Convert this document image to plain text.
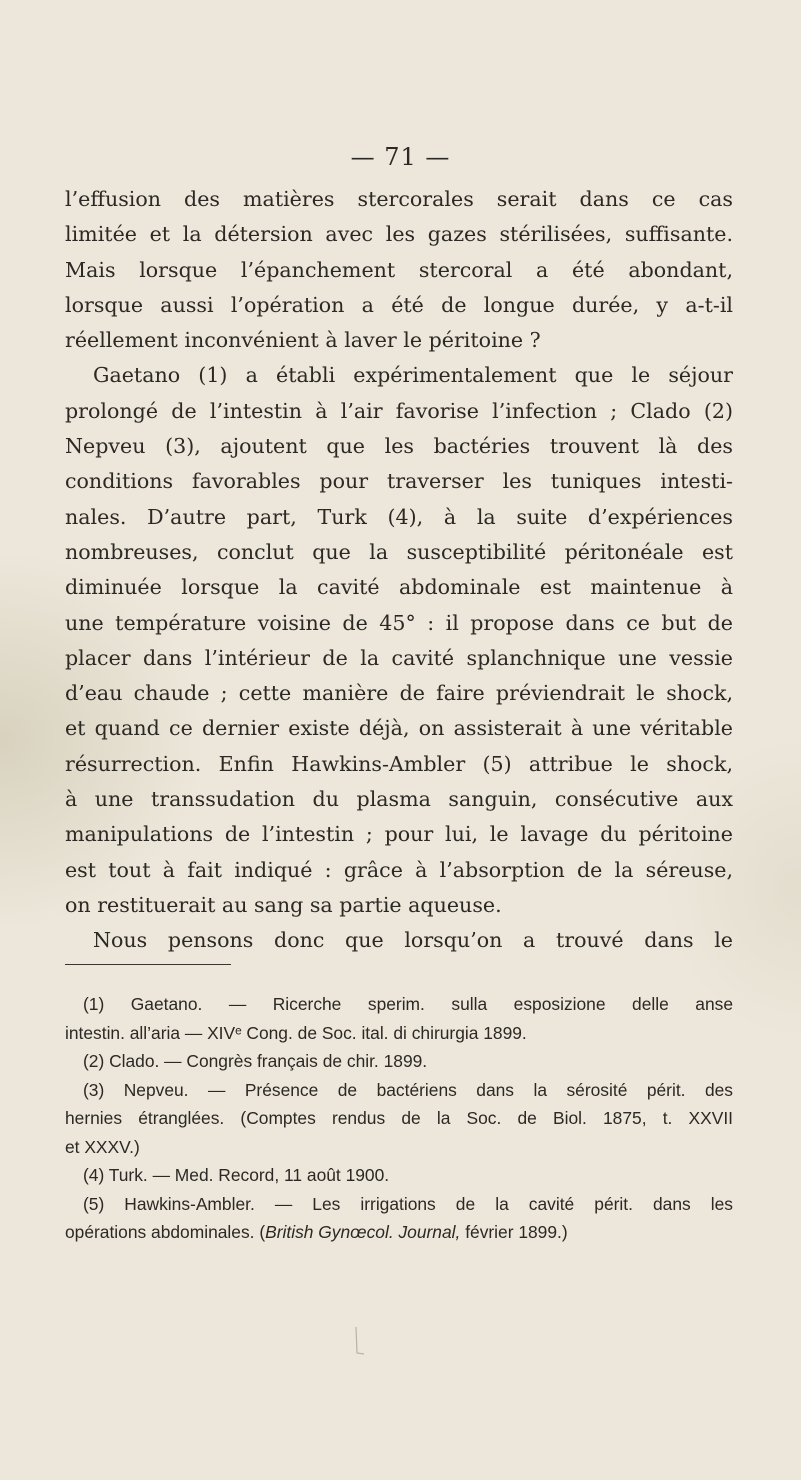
— 71 —
l’effusion des matières stercorales serait dans ce cas
limitée et la détersion avec les gazes stérilisées, suffisante.
Mais lorsque l’épanchement stercoral a été abondant,
lorsque aussi l’opération a été de longue durée, y a-t-il
réellement inconvénient à laver le péritoine ?
Gaetano (1) a établi expérimentalement que le séjour
prolongé de l’intestin à l’air favorise l’infection ; Clado (2)
Nepveu (3), ajoutent que les bactéries trouvent là des
conditions favorables pour traverser les tuniques intesti-
nales. D’autre part, Turk (4), à la suite d’expériences
nombreuses, conclut que la susceptibilité péritonéale est
diminuée lorsque la cavité abdominale est maintenue à
une température voisine de 45° : il propose dans ce but de
placer dans l’intérieur de la cavité splanchnique une vessie
d’eau chaude ; cette manière de faire préviendrait le shock,
et quand ce dernier existe déjà, on assisterait à une véritable
résurrection. Enfin Hawkins-Ambler (5) attribue le shock,
à une transsudation du plasma sanguin, consécutive aux
manipulations de l’intestin ; pour lui, le lavage du péritoine
est tout à fait indiqué : grâce à l’absorption de la séreuse,
on restituerait au sang sa partie aqueuse.
Nous pensons donc que lorsqu’on a trouvé dans le
(1) Gaetano. — Ricerche sperim. sulla esposizione delle anse
intestin. all’aria — XIVᵉ Cong. de Soc. ital. di chirurgia 1899.
(2) Clado. — Congrès français de chir. 1899.
(3) Nepveu. — Présence de bactériens dans la sérosité périt. des
hernies étranglées. (Comptes rendus de la Soc. de Biol. 1875, t. XXVII
et XXXV.)
(4) Turk. — Med. Record, 11 août 1900.
(5) Hawkins-Ambler. — Les irrigations de la cavité périt. dans les
opérations abdominales. (British Gynœcol. Journal, février 1899.)
